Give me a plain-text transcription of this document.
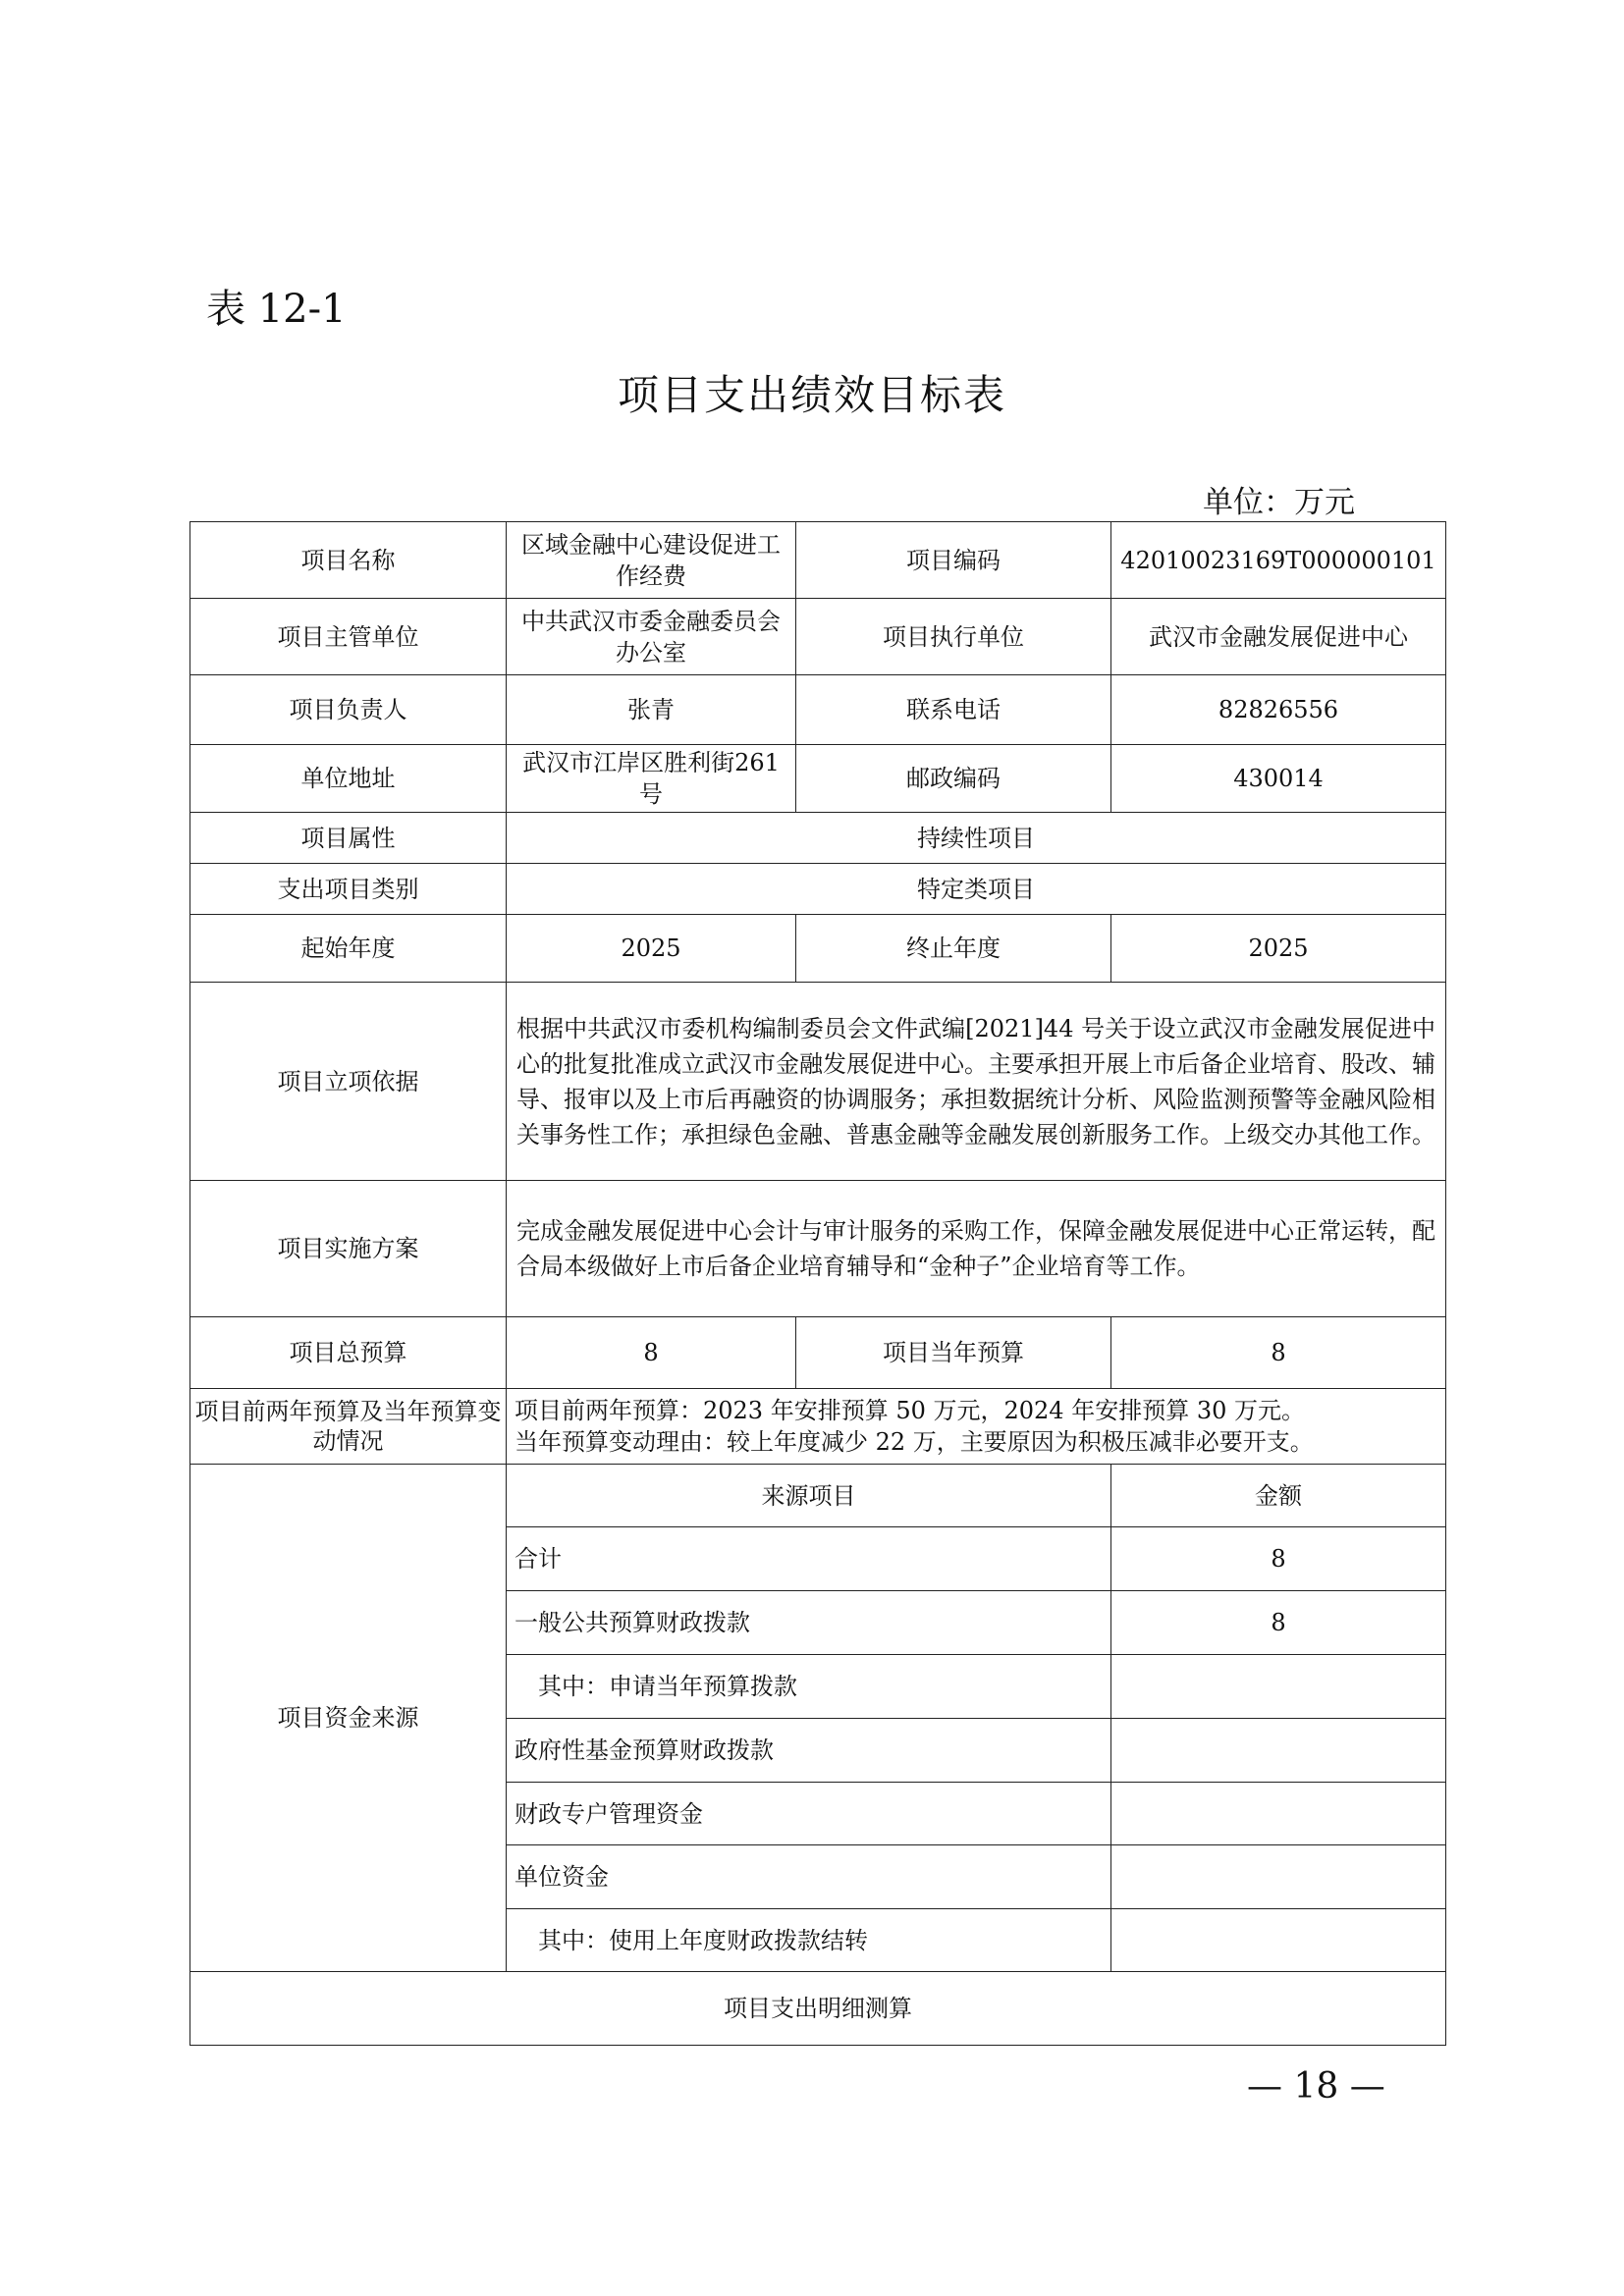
表 12-1
项目支出绩效目标表
单位：万元
项目名称	区域金融中心建设促进工作经费	项目编码	42010023169T000000101
项目主管单位	中共武汉市委金融委员会办公室	项目执行单位	武汉市金融发展促进中心
项目负责人	张青	联系电话	82826556
单位地址	武汉市江岸区胜利街261号	邮政编码	430014
项目属性	持续性项目		
支出项目类别	特定类项目		
起始年度	2025	终止年度	2025
项目立项依据	根据中共武汉市委机构编制委员会文件武编[2021]44 号关于设立武汉市金融发展促进中心的批复批准成立武汉市金融发展促进中心。主要承担开展上市后备企业培育、股改、辅导、报审以及上市后再融资的协调服务；承担数据统计分析、风险监测预警等金融风险相关事务性工作；承担绿色金融、普惠金融等金融发展创新服务工作。上级交办其他工作。		
项目实施方案	完成金融发展促进中心会计与审计服务的采购工作，保障金融发展促进中心正常运转，配合局本级做好上市后备企业培育辅导和“金种子”企业培育等工作。		
项目总预算	8	项目当年预算	8
项目前两年预算及当年预算变动情况	项目前两年预算：2023 年安排预算 50 万元，2024 年安排预算 30 万元。
当年预算变动理由：较上年度减少 22 万，主要原因为积极压减非必要开支。		

项目资金来源	来源项目		金额
	合计		8
	一般公共预算财政拨款		8
	其中：申请当年预算拨款		
	政府性基金预算财政拨款		
	财政专户管理资金		
	单位资金		
	其中：使用上年度财政拨款结转		
项目支出明细测算			
— 18 —
